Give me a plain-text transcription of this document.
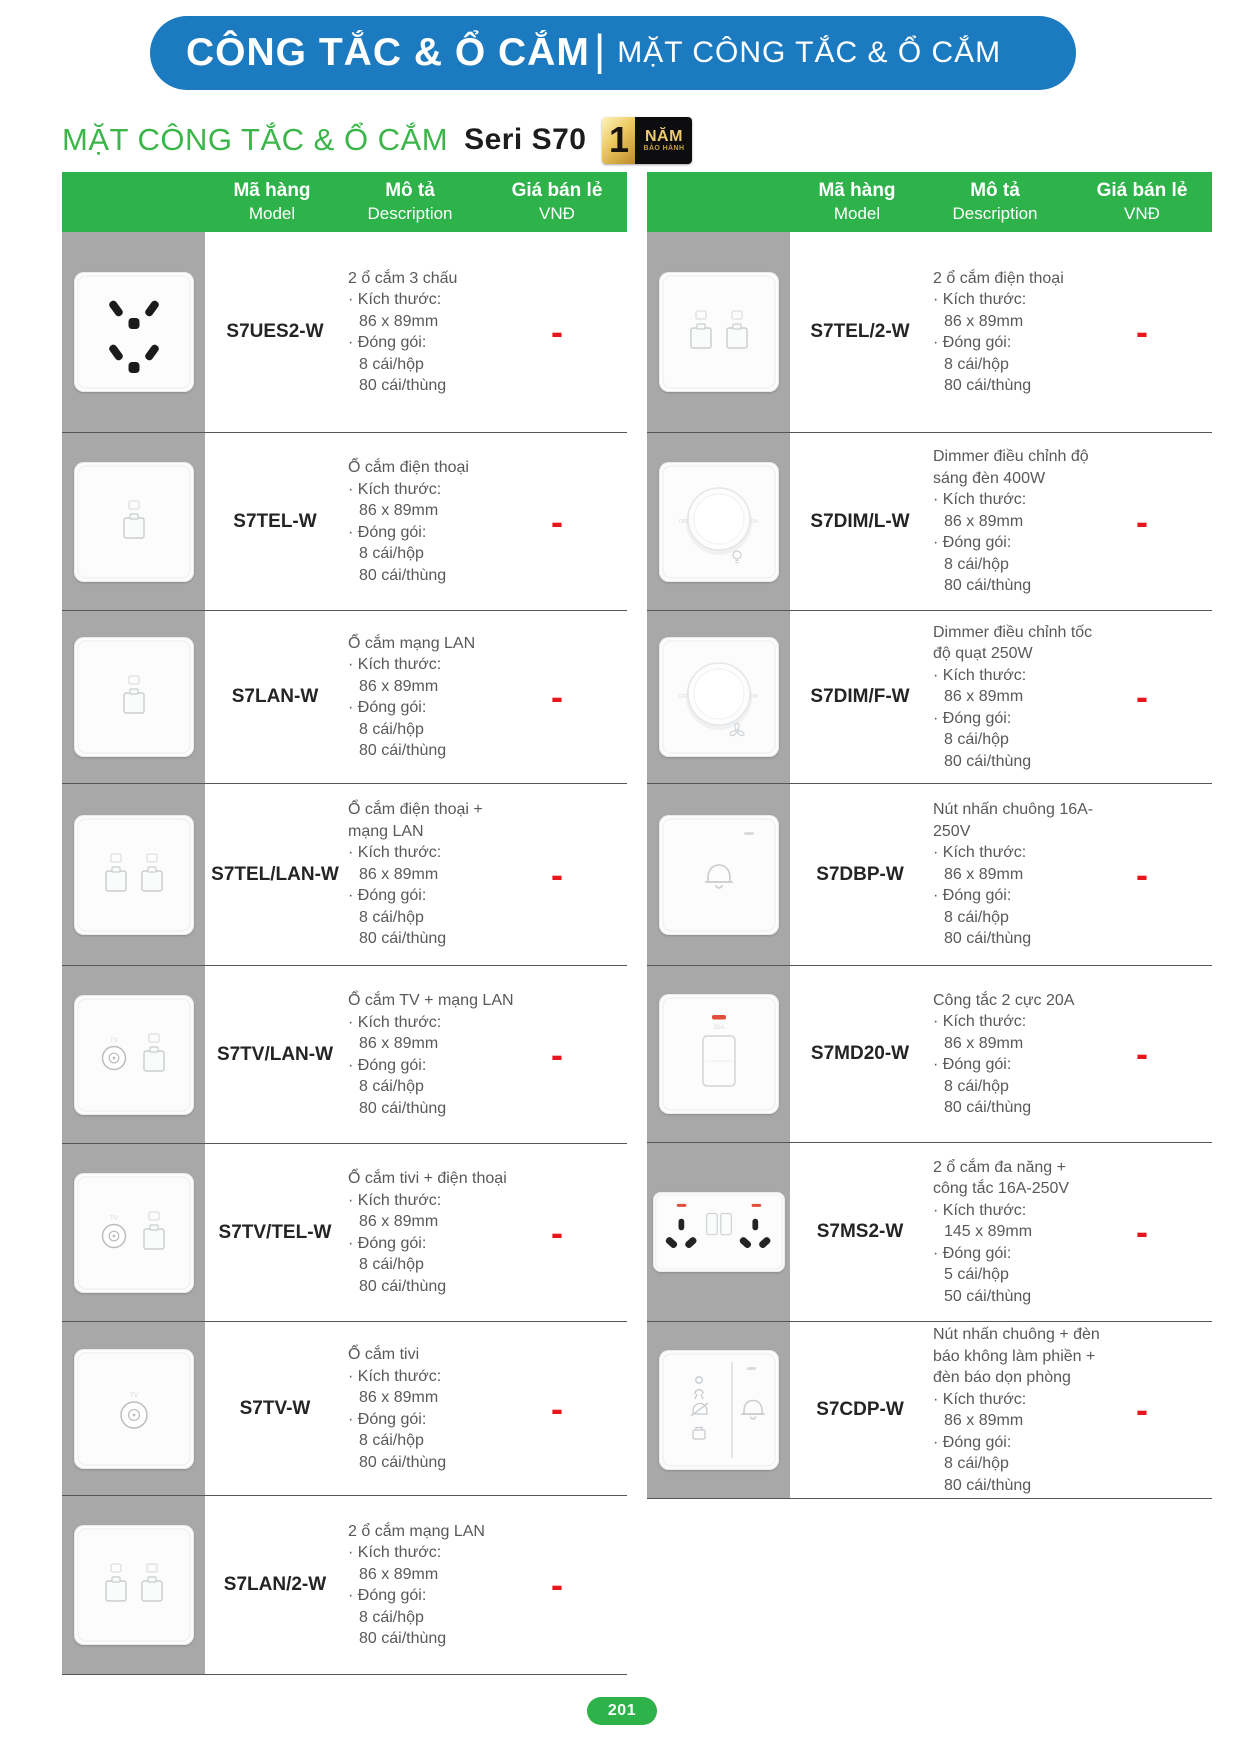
CÔNG TẮC & Ổ CẮM | MẶT CÔNG TẮC & Ổ CẮM
MẶT CÔNG TẮC & Ổ CẮM Seri S70 1 NĂM
BẢO HÀNH
Mã hàng
Model
Mô tả
Description
Giá bán lẻ
VNĐ
S7UES2-W
2 ổ cắm 3 chấu
· Kích thước:
86 x 89mm
· Đóng gói:
8 cái/hộp
80 cái/thùng
-
S7TEL-W
Ổ cắm điện thoại
· Kích thước:
86 x 89mm
· Đóng gói:
8 cái/hộp
80 cái/thùng
-
S7LAN-W
Ổ cắm mạng LAN
· Kích thước:
86 x 89mm
· Đóng gói:
8 cái/hộp
80 cái/thùng
-
S7TEL/LAN-W
Ổ cắm điện thoại +
mạng LAN
· Kích thước:
86 x 89mm
· Đóng gói:
8 cái/hộp
80 cái/thùng
-
TV
S7TV/LAN-W
Ổ cắm TV + mạng LAN
· Kích thước:
86 x 89mm
· Đóng gói:
8 cái/hộp
80 cái/thùng
-
TV
S7TV/TEL-W
Ổ cắm tivi + điện thoại
· Kích thước:
86 x 89mm
· Đóng gói:
8 cái/hộp
80 cái/thùng
-
TV
S7TV-W
Ổ cắm tivi
· Kích thước:
86 x 89mm
· Đóng gói:
8 cái/hộp
80 cái/thùng
-
S7LAN/2-W
2 ổ cắm mạng LAN
· Kích thước:
86 x 89mm
· Đóng gói:
8 cái/hộp
80 cái/thùng
-
Mã hàng
Model
Mô tả
Description
Giá bán lẻ
VNĐ
S7TEL/2-W
2 ổ cắm điện thoại
· Kích thước:
86 x 89mm
· Đóng gói:
8 cái/hộp
80 cái/thùng
-
OFF	ON	S7DIM/L-W
Dimmer điều chỉnh độ
sáng đèn 400W
· Kích thước:
86 x 89mm
· Đóng gói:
8 cái/hộp
80 cái/thùng
-
OFF	ON	S7DIM/F-W
Dimmer điều chỉnh tốc
độ quạt 250W
· Kích thước:
86 x 89mm
· Đóng gói:
8 cái/hộp
80 cái/thùng
-
S7DBP-W
Nút nhấn chuông 16A-
250V
· Kích thước:
86 x 89mm
· Đóng gói:
8 cái/hộp
80 cái/thùng
-
20A
S7MD20-W
Công tắc 2 cực 20A
· Kích thước:
86 x 89mm
· Đóng gói:
8 cái/hộp
80 cái/thùng
-
S7MS2-W
2 ổ cắm đa năng +
công tắc 16A-250V
· Kích thước:
145 x 89mm
· Đóng gói:
5 cái/hộp
50 cái/thùng
-
S7CDP-W
Nút nhấn chuông + đèn
báo không làm phiền +
đèn báo dọn phòng
· Kích thước:
86 x 89mm
· Đóng gói:
8 cái/hộp
80 cái/thùng
-
201
